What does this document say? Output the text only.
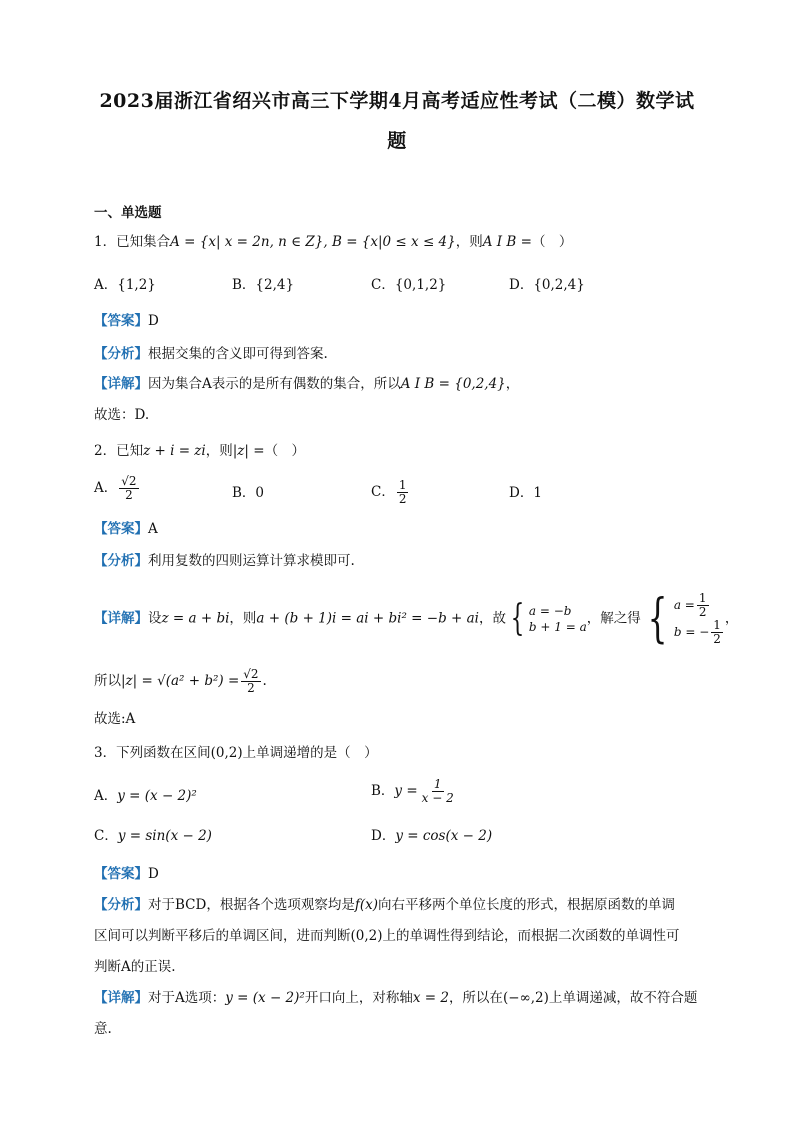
2023届浙江省绍兴市高三下学期4月高考适应性考试（二模）数学试
题
一、单选题
1．已知集合A = {x| x = 2n, n ∈ Z}, B = {x|0 ≤ x ≤ 4}，则A I B =（　）
A．{1,2}	B．{2,4}	C．{0,1,2}	D．{0,2,4}
【答案】D
【分析】根据交集的含义即可得到答案.
【详解】因为集合A表示的是所有偶数的集合，所以A I B = {0,2,4}，
故选：D.
2．已知z + i = zi，则|z| =（　）
A． $\frac{√2}{2}$	B．0	C． $\frac{1}{2}$	D．1
【答案】A
【分析】利用复数的四则运算计算求模即可.
【详解】设z = a + bi，则a + (b + 1)i = ai + bi² = −b + ai，故 { a = −b
b + 1 = a
，解之得 { $a = \frac{1}{2}$
b = − $\frac{1}{2}$
，
所以$|z| = √(a^2 + b^2) = \frac{√2}{2}$ .
故选:A
3．下列函数在区间(0,2)上单调递增的是（　）
A．y = (x − 2)²	B．$y = \frac{1}{x - 2}$
C．y = sin(x − 2)	D．y = cos(x − 2)
【答案】D
【分析】对于BCD，根据各个选项观察均是f(x)向右平移两个单位长度的形式，根据原函数的单调
区间可以判断平移后的单调区间，进而判断(0,2)上的单调性得到结论，而根据二次函数的单调性可
判断A的正误.
【详解】对于A选项：y = (x − 2)²开口向上，对称轴x = 2，所以在(−∞,2)上单调递减，故不符合题
意.
